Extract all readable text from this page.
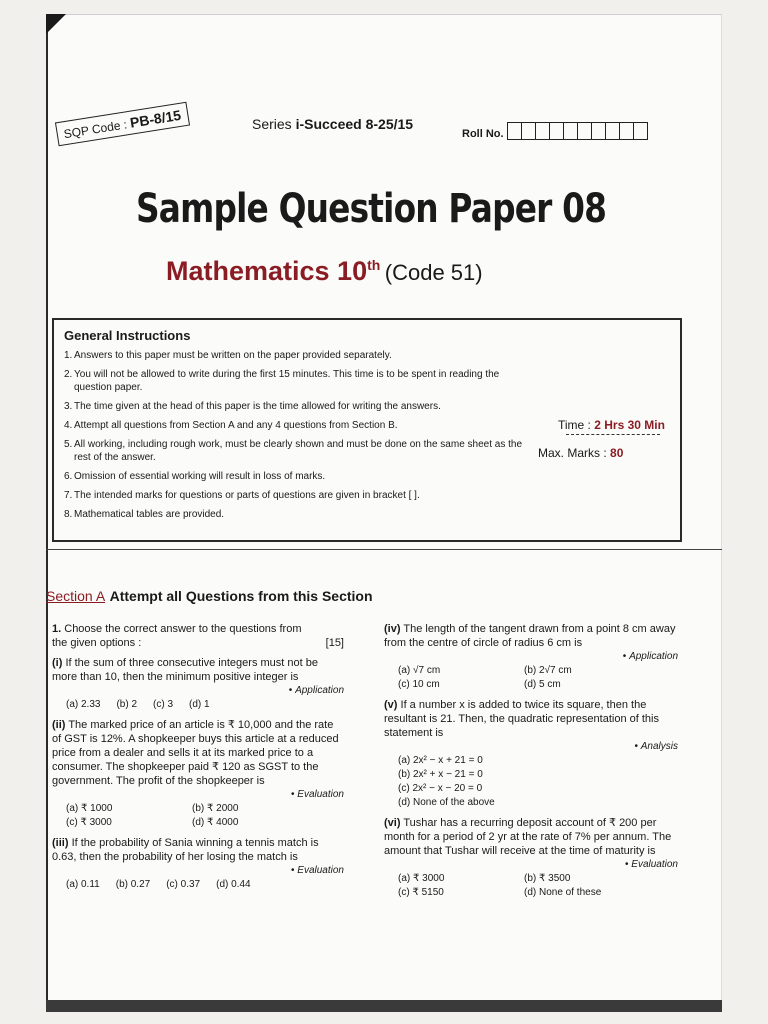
SQP Code : PB-8/15	Series i-Succeed 8-25/15
Roll No.
Sample Question Paper 08
Mathematics 10th (Code 51)
General Instructions
1. Answers to this paper must be written on the paper provided separately.
2. You will not be allowed to write during the first 15 minutes. This time is to be spent in reading the question paper.
3. The time given at the head of this paper is the time allowed for writing the answers.
4. Attempt all questions from Section A and any 4 questions from Section B.
5. All working, including rough work, must be clearly shown and must be done on the same sheet as the rest of the answer.
6. Omission of essential working will result in loss of marks.
7. The intended marks for questions or parts of questions are given in bracket [ ].
8. Mathematical tables are provided.
Time : 2 Hrs 30 Min
Max. Marks : 80
Section A Attempt all Questions from this Section
1. Choose the correct answer to the questions from the given options :	[15]
(i) If the sum of three consecutive integers must not be more than 10, then the minimum positive integer is
• Application
(a) 2.33 (b) 2 (c) 3 (d) 1
(ii) The marked price of an article is ₹ 10,000 and the rate of GST is 12%. A shopkeeper buys this article at a reduced price from a dealer and sells it at its marked price to a consumer. The shopkeeper paid ₹ 120 as SGST to the government. The profit of the shopkeeper is
• Evaluation
(a) ₹ 1000	(b) ₹ 2000
(c) ₹ 3000	(d) ₹ 4000
(iii) If the probability of Sania winning a tennis match is 0.63, then the probability of her losing the match is
• Evaluation
(a) 0.11 (b) 0.27 (c) 0.37 (d) 0.44
(iv) The length of the tangent drawn from a point 8 cm away from the centre of circle of radius 6 cm is
• Application
(a) √7 cm	(b) 2√7 cm
(c) 10 cm	(d) 5 cm
(v) If a number x is added to twice its square, then the resultant is 21. Then, the quadratic representation of this statement is
• Analysis
(a) 2x² − x + 21 = 0
(b) 2x² + x − 21 = 0
(c) 2x² − x − 20 = 0
(d) None of the above
(vi) Tushar has a recurring deposit account of ₹ 200 per month for a period of 2 yr at the rate of 7% per annum. The amount that Tushar will receive at the time of maturity is
• Evaluation
(a) ₹ 3000	(b) ₹ 3500
(c) ₹ 5150	(d) None of these
